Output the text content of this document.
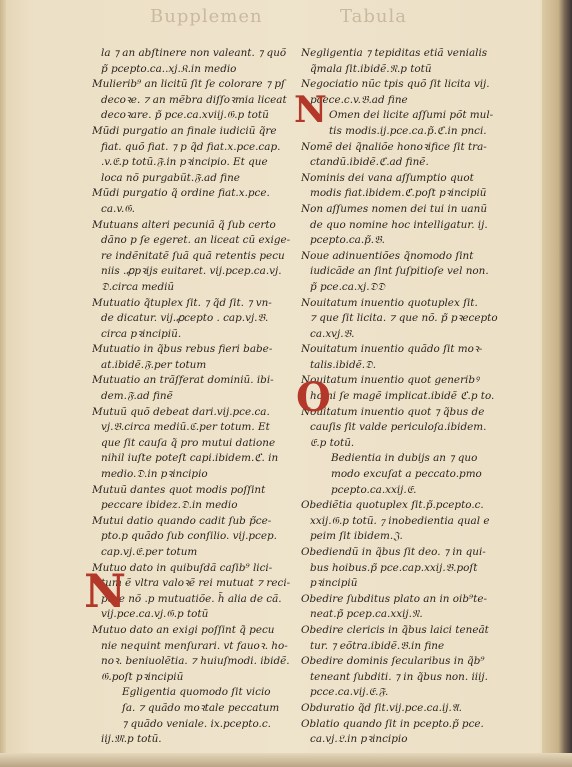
Bupplemen	Tabula
la ⁊ an abſtinere non valeant. ⁊ quõ
p̃ pcepto.ca..xj.𝔎.in medio
Mulierib⁹ an licitũ ſit ſe colorare ⁊ pſ
decoꝛe. ⁊ an mẽbra diſſoꝛmia liceat
decoꝛare. p̃ pce.ca.xviij.𝔊.p totũ
Mũdi purgatio an finale iudiciũ q̃re
fiat. quõ fiat. ⁊ p q̃d fiat.x.pce.cap.
.v.𝔈.p totũ.𝔉.in pꝛincipio. Et que
loca nõ purgabũt.𝔉.ad fine
Mũdi purgatio q̃ ordine fiat.x.pce.
ca.v.𝔊.
Mutuans alteri pecuniã q̃ ſub certo
dãno p ſe egeret. an liceat cũ exige-
re indẽnitatẽ ſuã quã retentis pecu
niis .ꝓpꝛijs euitaret. vij.pcep.ca.vj.
𝔇.circa mediũ
Mutuatio q̃tuplex ſit. ⁊ q̃d ſit. ⁊ vn-
de dicatur. vij.ꝓcepto . cap.vj.𝔅.
circa pꝛincipiũ.
Mutuatio in q̃bus rebus fieri babe-
at.ibidẽ.𝔉.per totum
Mutuatio an trãſferat dominiũ. ibi-
dem.𝔉.ad finẽ
Mutuũ quõ debeat dari.vij.pce.ca.
vj.𝔅.circa mediũ.ℭ.per totum. Et
que ſit cauſa q̃ pro mutui datione
nihil iuſte poteſt capi.ibidem.ℭ. in
medio.𝔇.in pꝛincipio
Mutuũ dantes quot modis poſſint
peccare ibidez.𝔇.in medio
Mutui datio quando cadit ſub p̃ce-
pto.p quãdo ſub conſilio. vij.pcep.
cap.vj.𝔈.per totum
Mutuo dato in quibuſdã caſib⁹ lici-
tum ẽ vltra valoꝛẽ rei mutuat ⁊ reci-
pere nõ .p mutuatiõe. h̃ alia de cã.
vij.pce.ca.vj.𝔊.p totũ
Mutuo dato an exigi poſſint q̃ pecu
nie nequint menſurari. vt fauoꝛ. ho-
noꝛ. beniuolẽtia. ⁊ huiuſmodi. ibidẽ.
𝔊.poſt pꝛincipiũ
Egligentia quomodo ſit vicio
ſa. ⁊ quãdo moꝛtale peccatum
⁊ quãdo veniale. ix.pcepto.c.
iij.𝔐.p totũ.
Negligentia ⁊ tepiditas etiã venialis
q̃mala ſit.ibidẽ.𝔑.p totũ
Negociatio nũc tpis quõ ſit licita vij.
pcece.c.v.𝔅.ad fine
Omen dei licite aſſumi põt mul-
tis modis.ij.pce.ca.p̃.ℭ.in pnci.
Nomẽ dei q̃naliõe honoꝛifice ſit tra-
ctandũ.ibidẽ.ℭ.ad finẽ.
Nominis dei vana aſſumptio quot
modis fiat.ibidem.ℭ.poſt pꝛincipiũ
Non aſſumes nomen dei tui in uanũ
de quo nomine hoc intelligatur. ij.
pcepto.ca.p̃.𝔅.
Noue adinuentiões q̃nomodo ſint
iudicãde an ſint ſuſpitioſe vel non.
p̃ pce.ca.xj.𝔇𝔇
Nouitatum inuentio quotuplex ſit.
⁊ que ſit licita. ⁊ que nõ. p̃ pꝛecepto
ca.xvj.𝔅.
Nouitatum inuentio quãdo ſit moꝛ-
talis.ibidẽ.𝔇.
Nouitatum inuentio quot generibꝰ
homi ſe magẽ implicat.ibidẽ ℭ.p to.
Nouitatum inuentio quot ⁊ q̃bus de
cauſis ſit valde periculoſa.ibidem.
𝔈.p totũ.
Bedientia in dubijs an ⁊ quo
modo excuſat a peccato.pmo
pcepto.ca.xxij.𝔈.
Obediẽtia quotuplex ſit.p̃.pcepto.c.
xxij.𝔊.p totũ. ⁊ inobedientia qual e
peim ſit ibidem.𝔍.
Obediendũ in q̃bus ſit deo. ⁊ in qui-
bus hoibus.p̃ pce.cap.xxij.𝔅.poſt
pꝛincipiũ
Obedire ſubditus plato an in oib⁹te-
neat.p̃ pcep.ca.xxij.𝔑.
Obedire clericis in q̃bus laici teneãt
tur. ⁊ eõtra.ibidẽ.𝔅.in fine
Obedire dominis ſecularibus in q̃b⁹
teneant ſubditi. ⁊ in q̃bus non. iiij.
pcce.ca.vij.𝔈.𝔉.
Obduratio q̃d ſit.vij.pce.ca.ij.𝔄.
Oblatio quando ſit in pcepto.p̃ pce.
ca.vj.𝔏.in pꝛincipio
N
N
O
